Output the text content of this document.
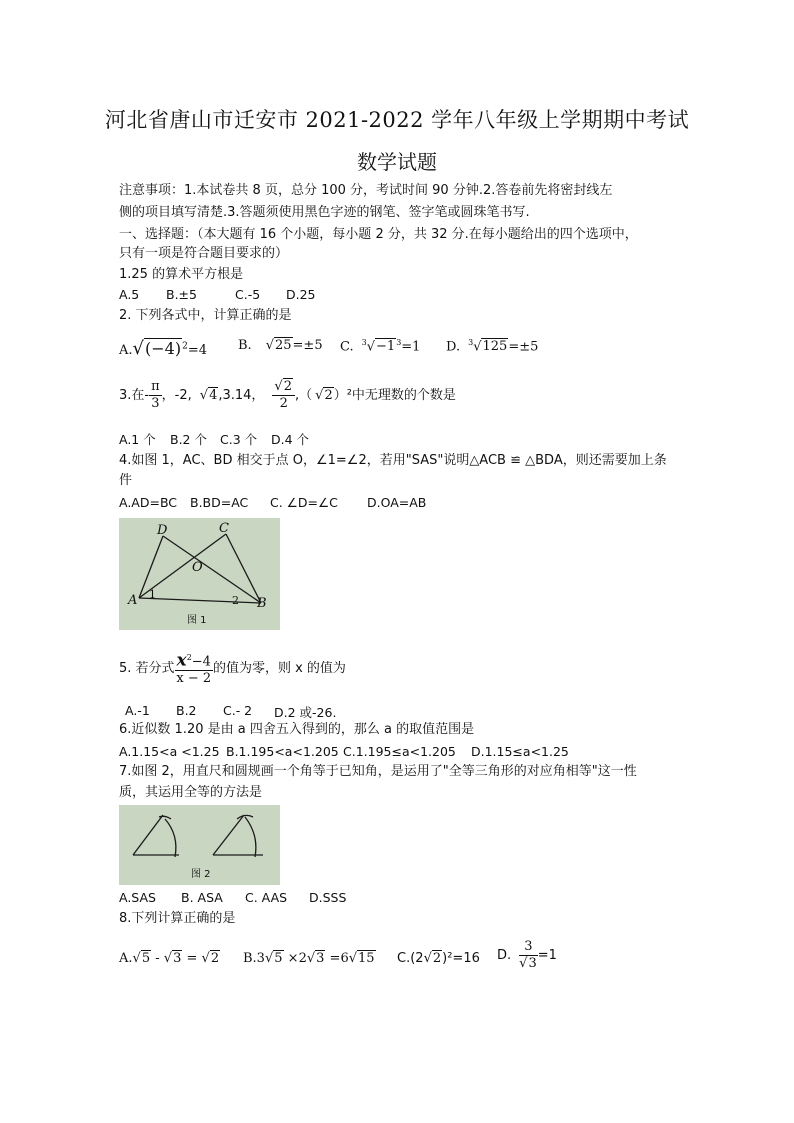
河北省唐山市迁安市 2021-2022 学年八年级上学期期中考试
数学试题
注意事项：1.本试卷共 8 页，总分 100 分，考试时间 90 分钟.2.答卷前先将密封线左
侧的项目填写清楚.3.答题须使用黑色字迹的钢笔、签字笔或圆珠笔书写.
一、选择题：（本大题有 16 个小题，每小题 2 分，共 32 分.在每小题给出的四个选项中，
只有一项是符合题目要求的）
1.25 的算术平方根是
A.5 B.±5	C.-5 D.25
2. 下列各式中，计算正确的是
$A.√(-4)^2=4$ B. √25=±5 C. $^3√-1^3=1$ D. $^3$√125=±5
3.在- $\frac{\pi}{3}$ ，-2, √4,3.14， $\frac{√2}{2}$ ,（ √2）²中无理数的个数是
A.1 个 B.2 个 C.3 个 D.4 个
4.如图 1，AC、BD 相交于点 O，∠1=∠2，若用"SAS"说明△ACB ≌ △BDA，则还需要加上条
件
A.AD=BC B.BD=AC C. ∠D=∠C D.OA=AB
D	C
O
A 1	2 B
图 1
5. 若分式 $\frac{x^2-4}{x - 2}$ 的值为零，则 x 的值为
A.-1 B.2 C.- 2 D.2 或-26.
6.近似数 1.20 是由 a 四舍五入得到的，那么 a 的取值范围是
A.1.15<a <1.25 B.1.195<a<1.205 C.1.195≤a<1.205 D.1.15≤a<1.25
7.如图 2，用直尺和圆规画一个角等于已知角，是运用了"全等三角形的对应角相等"这一性
质，其运用全等的方法是
图 2
A.SAS B. ASA C. AAS D.SSS
8.下列计算正确的是
A.√5 - √3 = √2 B.3√5 ×2√3 =6√15 C.(2√2)²=16 D. $\frac{3}{√3} =1$
